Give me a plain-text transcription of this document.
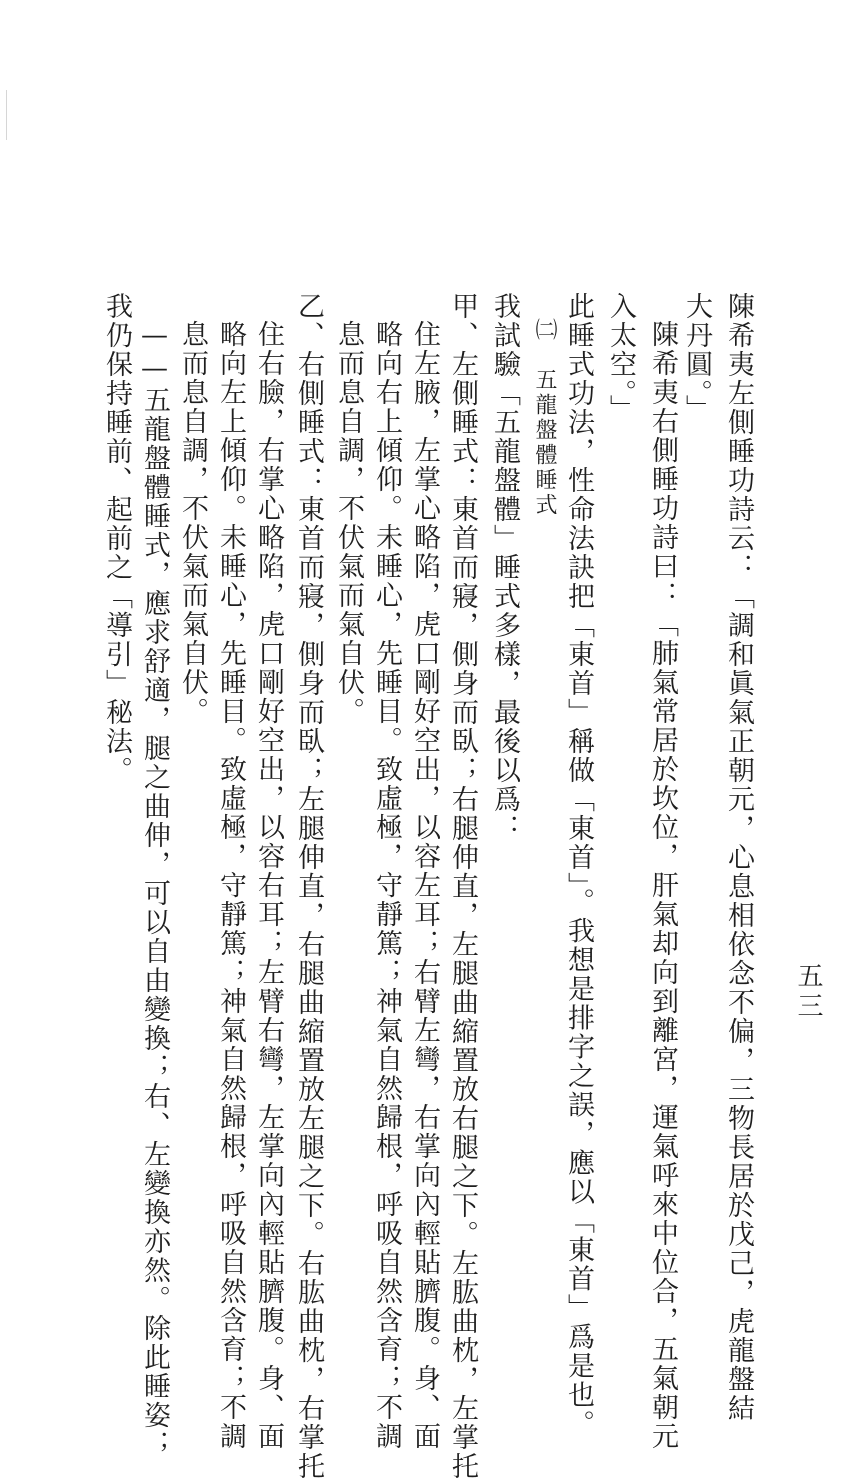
陳希夷左側睡功詩云：「調和眞氣正朝元，心息相依念不偏，三物長居於戊己，虎龍盤結
大丹圓。」
陳希夷右側睡功詩曰：「肺氣常居於坎位，肝氣却向到離宮，運氣呼來中位合，五氣朝元
入太空。」
此睡式功法，性命法訣把「東首」稱做「東首」。我想是排字之誤，應以「東首」爲是也。
㈡　五龍盤體睡式
我試驗「五龍盤體」睡式多樣，最後以爲：
甲、左側睡式：東首而寢，側身而臥；右腿伸直，左腿曲縮置放右腿之下。左肱曲枕，左掌托
住左腋，左掌心略陷，虎口剛好空出，以容左耳；右臂左彎，右掌向內輕貼臍腹。身、面
略向右上傾仰。未睡心，先睡目。致虛極，守靜篤；神氣自然歸根，呼吸自然含育；不調
息而息自調，不伏氣而氣自伏。
乙、右側睡式：東首而寢，側身而臥；左腿伸直，右腿曲縮置放左腿之下。右肱曲枕，右掌托
住右臉，右掌心略陷，虎口剛好空出，以容右耳；左臂右彎，左掌向內輕貼臍腹。身、面
略向左上傾仰。未睡心，先睡目。致虛極，守靜篤；神氣自然歸根，呼吸自然含育；不調
息而息自調，不伏氣而氣自伏。
——五龍盤體睡式，應求舒適，腿之曲伸，可以自由變換；右、左變換亦然。除此睡姿；
我仍保持睡前、起前之「導引」秘法。
五三
